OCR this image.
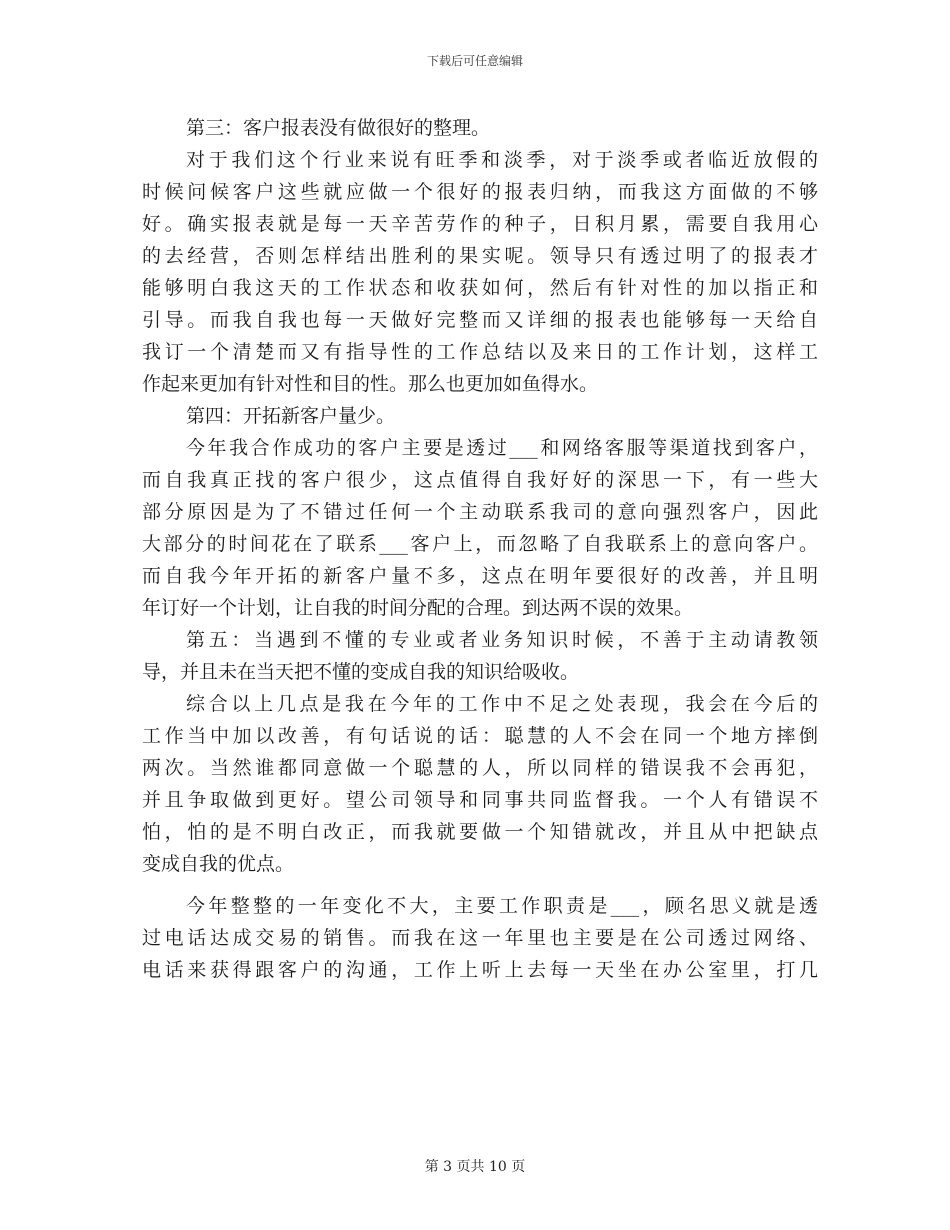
下载后可任意编辑
第三：客户报表没有做很好的整理。
对于我们这个行业来说有旺季和淡季，对于淡季或者临近放假的
时候问候客户这些就应做一个很好的报表归纳，而我这方面做的不够
好。确实报表就是每一天辛苦劳作的种子，日积月累，需要自我用心
的去经营，否则怎样结出胜利的果实呢。领导只有透过明了的报表才
能够明白我这天的工作状态和收获如何，然后有针对性的加以指正和
引导。而我自我也每一天做好完整而又详细的报表也能够每一天给自
我订一个清楚而又有指导性的工作总结以及来日的工作计划，这样工
作起来更加有针对性和目的性。那么也更加如鱼得水。
第四：开拓新客户量少。
今年我合作成功的客户主要是透过___和网络客服等渠道找到客户，
而自我真正找的客户很少，这点值得自我好好的深思一下，有一些大
部分原因是为了不错过任何一个主动联系我司的意向强烈客户，因此
大部分的时间花在了联系___客户上，而忽略了自我联系上的意向客户。
而自我今年开拓的新客户量不多，这点在明年要很好的改善，并且明
年订好一个计划，让自我的时间分配的合理。到达两不误的效果。
第五：当遇到不懂的专业或者业务知识时候，不善于主动请教领
导，并且未在当天把不懂的变成自我的知识给吸收。
综合以上几点是我在今年的工作中不足之处表现，我会在今后的
工作当中加以改善，有句话说的话：聪慧的人不会在同一个地方摔倒
两次。当然谁都同意做一个聪慧的人，所以同样的错误我不会再犯，
并且争取做到更好。望公司领导和同事共同监督我。一个人有错误不
怕，怕的是不明白改正，而我就要做一个知错就改，并且从中把缺点
变成自我的优点。
今年整整的一年变化不大，主要工作职责是___，顾名思义就是透
过电话达成交易的销售。而我在这一年里也主要是在公司透过网络、
电话来获得跟客户的沟通，工作上听上去每一天坐在办公室里，打几
第 3 页共 10 页
